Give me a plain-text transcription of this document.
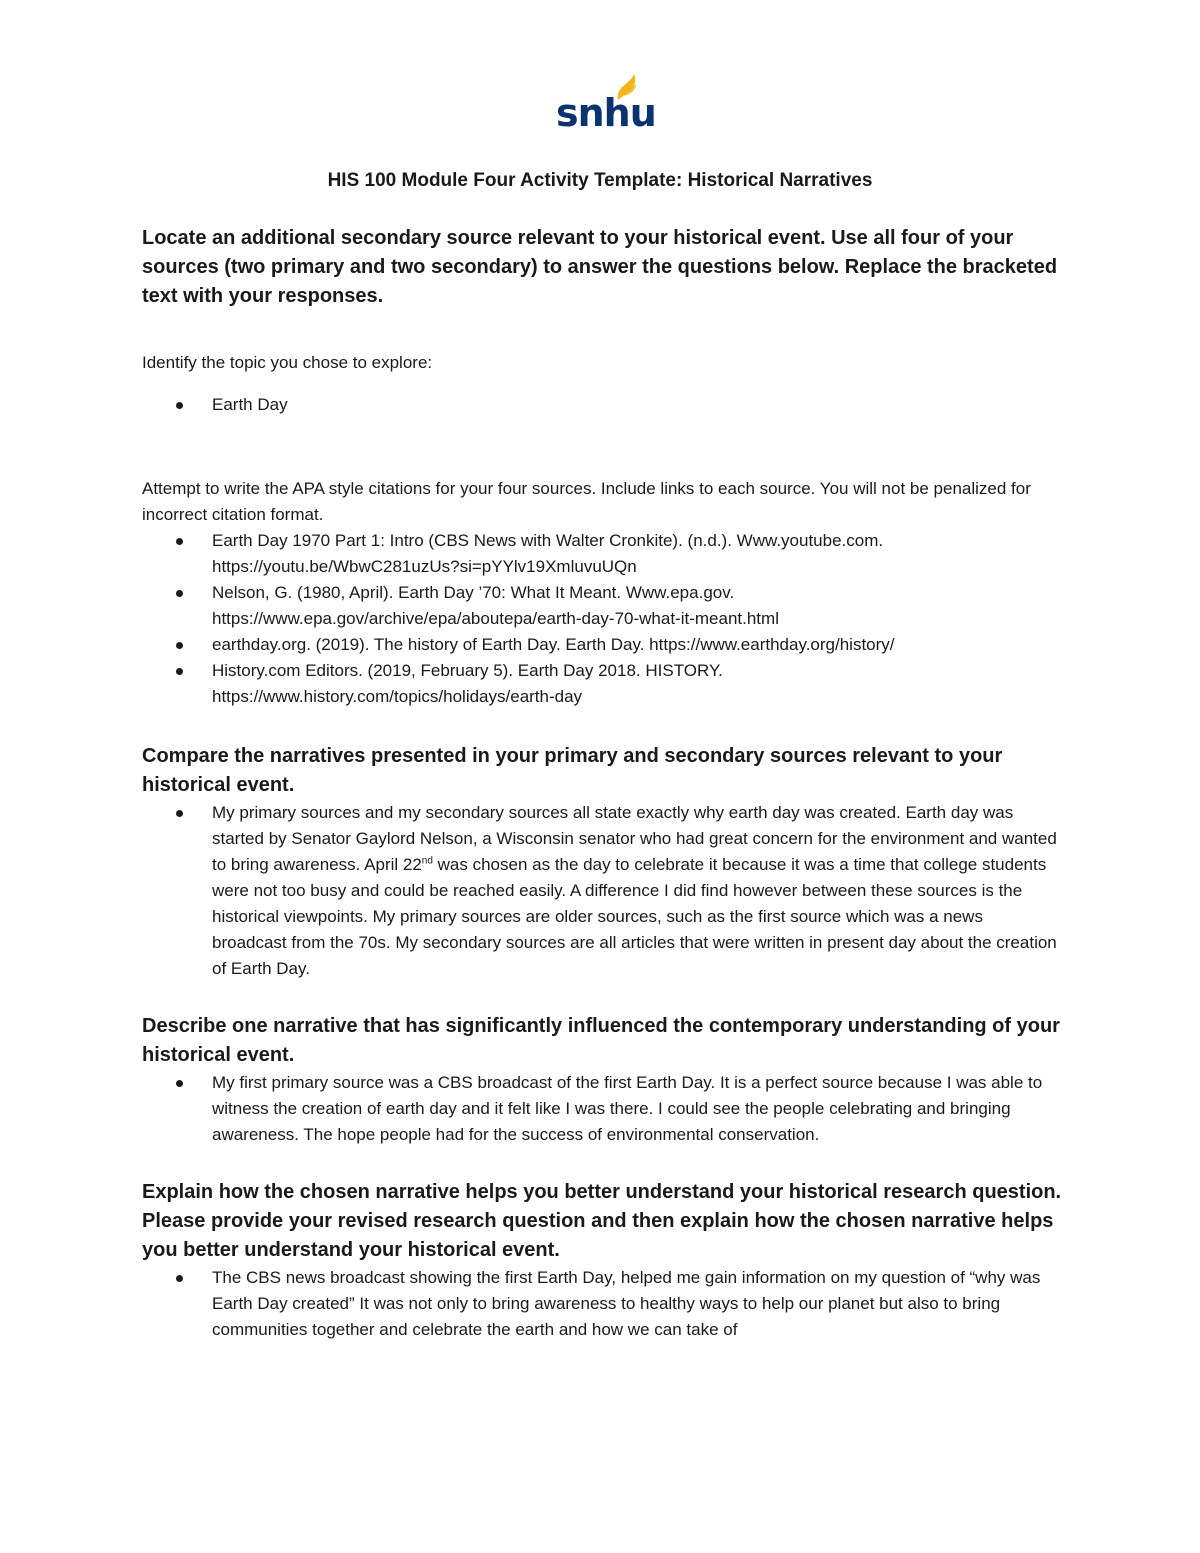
snhu
HIS 100 Module Four Activity Template: Historical Narratives

Locate an additional secondary source relevant to your historical event. Use all four of your sources (two primary and two secondary) to answer the questions below. Replace the bracketed text with your responses.

Identify the topic you chose to explore:

Earth Day

Attempt to write the APA style citations for your four sources. Include links to each source. You will not be penalized for incorrect citation format.

Earth Day 1970 Part 1: Intro (CBS News with Walter Cronkite). (n.d.). Www.youtube.com. https://youtu.be/WbwC281uzUs?si=pYYlv19XmluvuUQn
Nelson, G. (1980, April). Earth Day ’70: What It Meant. Www.epa.gov. https://www.epa.gov/archive/epa/aboutepa/earth-day-70-what-it-meant.html
earthday.org. (2019). The history of Earth Day. Earth Day. https://www.earthday.org/history/
History.com Editors. (2019, February 5). Earth Day 2018. HISTORY. https://www.history.com/topics/holidays/earth-day

Compare the narratives presented in your primary and secondary sources relevant to your historical event.

My primary sources and my secondary sources all state exactly why earth day was created. Earth day was started by Senator Gaylord Nelson, a Wisconsin senator who had great concern for the environment and wanted to bring awareness. April 22nd was chosen as the day to celebrate it because it was a time that college students were not too busy and could be reached easily. A difference I did find however between these sources is the historical viewpoints. My primary sources are older sources, such as the first source which was a news broadcast from the 70s. My secondary sources are all articles that were written in present day about the creation of Earth Day.

Describe one narrative that has significantly influenced the contemporary understanding of your historical event.

My first primary source was a CBS broadcast of the first Earth Day. It is a perfect source because I was able to witness the creation of earth day and it felt like I was there. I could see the people celebrating and bringing awareness. The hope people had for the success of environmental conservation.

Explain how the chosen narrative helps you better understand your historical research question. Please provide your revised research question and then explain how the chosen narrative helps you better understand your historical event.

The CBS news broadcast showing the first Earth Day, helped me gain information on my question of “why was Earth Day created” It was not only to bring awareness to healthy ways to help our planet but also to bring communities together and celebrate the earth and how we can take of
